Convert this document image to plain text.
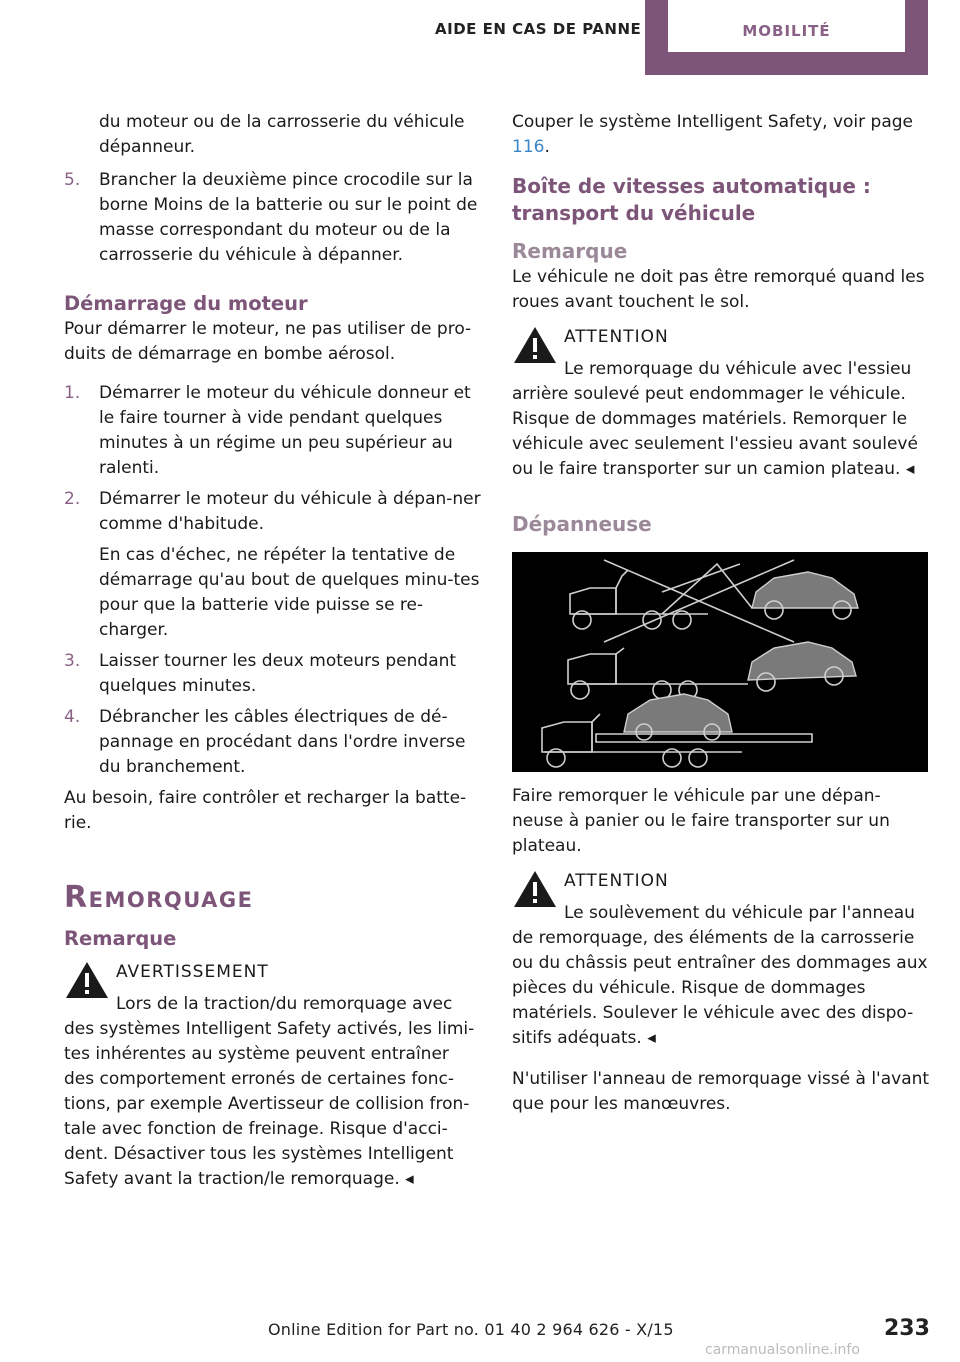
AIDE EN CAS DE PANNE	MOBILITÉ

du moteur ou de la carrosserie du véhicule dépanneur.

5. Brancher la deuxième pince crocodile sur la borne Moins de la batterie ou sur le point de masse correspondant du moteur ou de la carrosserie du véhicule à dépanner.
Démarrage du moteur

Pour démarrer le moteur, ne pas utiliser de pro-duits de démarrage en bombe aérosol.

1. Démarrer le moteur du véhicule donneur et le faire tourner à vide pendant quelques minutes à un régime un peu supérieur au ralenti.
2. Démarrer le moteur du véhicule à dépan-ner comme d'habitude.
En cas d'échec, ne répéter la tentative de démarrage qu'au bout de quelques minu-tes pour que la batterie vide puisse se re-charger.
3. Laisser tourner les deux moteurs pendant quelques minutes.
4. Débrancher les câbles électriques de dé-pannage en procédant dans l'ordre inverse du branchement.

Au besoin, faire contrôler et recharger la batte-rie.

Remorquage
Remarque
AVERTISSEMENT
Lors de la traction/du remorquage avec
des systèmes Intelligent Safety activés, les limi-tes inhérentes au système peuvent entraîner des comportement erronés de certaines fonc-tions, par exemple Avertisseur de collision fron-tale avec fonction de freinage. Risque d'acci-dent. Désactiver tous les systèmes Intelligent Safety avant la traction/le remorquage. ◂

Couper le système Intelligent Safety, voir page 116.

Boîte de vitesses automatique : transport du véhicule
Remarque

Le véhicule ne doit pas être remorqué quand les roues avant touchent le sol.

ATTENTION
Le remorquage du véhicule avec l'essieu
arrière soulevé peut endommager le véhicule. Risque de dommages matériels. Remorquer le véhicule avec seulement l'essieu avant soulevé ou le faire transporter sur un camion plateau. ◂
Dépanneuse

Faire remorquer le véhicule par une dépan-neuse à panier ou le faire transporter sur un plateau.

ATTENTION
Le soulèvement du véhicule par l'anneau
de remorquage, des éléments de la carrosserie ou du châssis peut entraîner des dommages aux pièces du véhicule. Risque de dommages matériels. Soulever le véhicule avec des dispo-sitifs adéquats. ◂

N'utiliser l'anneau de remorquage vissé à l'avant que pour les manœuvres.

Online Edition for Part no. 01 40 2 964 626 - X/15	233
carmanualsonline.info
